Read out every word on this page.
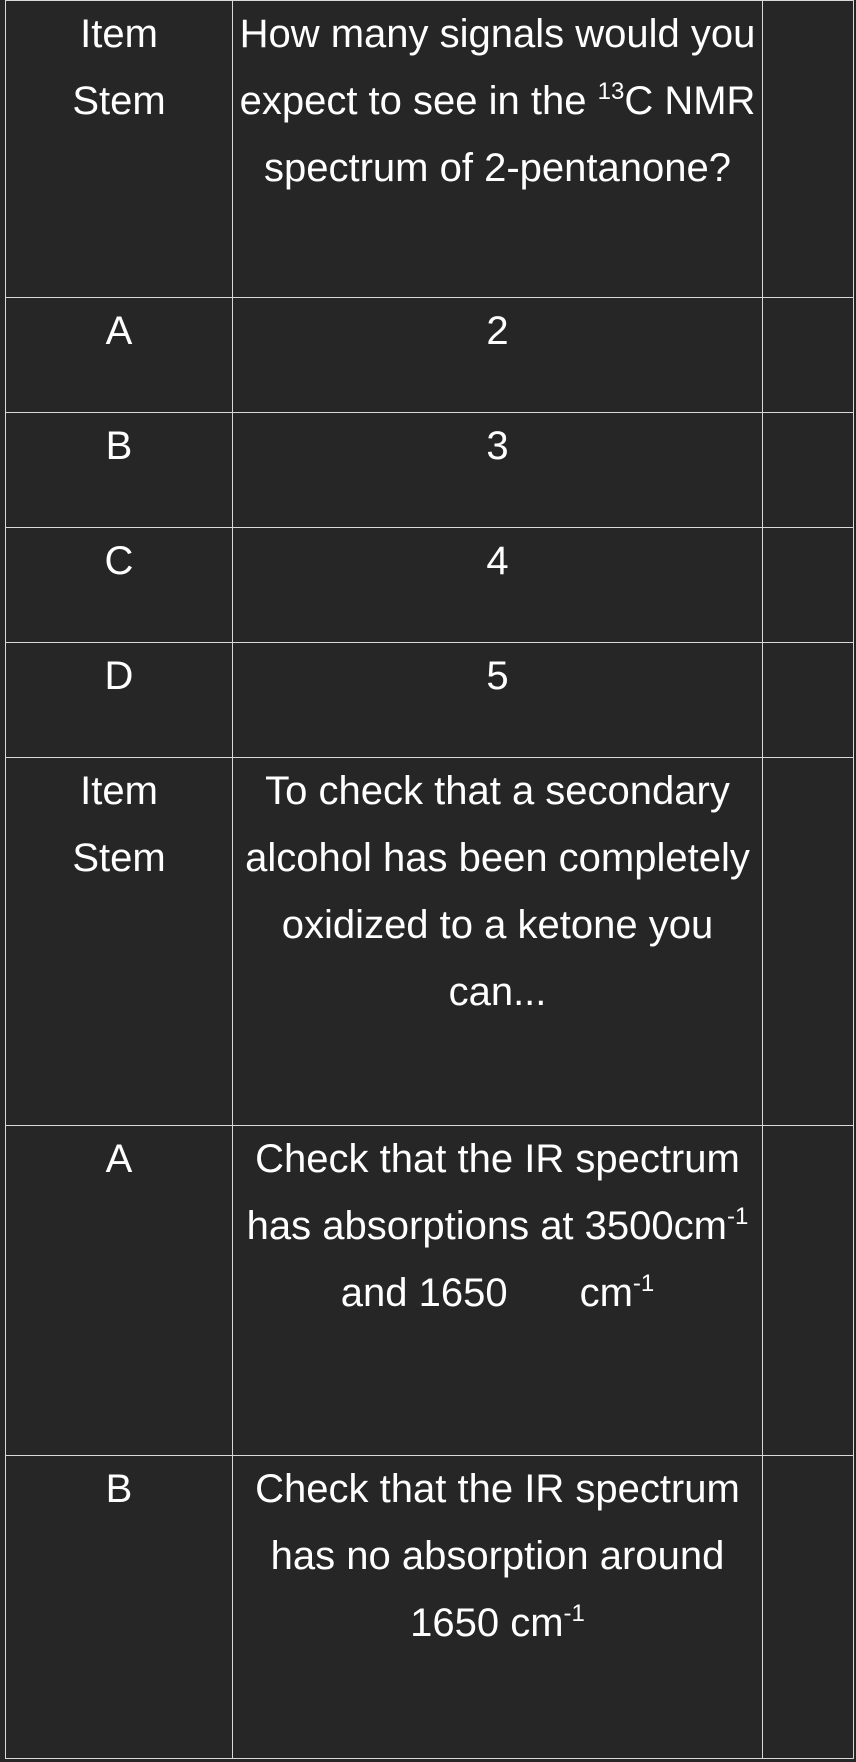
Item Stem	How many signals would you expect to see in the $^{13}$C NMR spectrum of 2-pentanone?	

A	2	

B	3	

C	4	

D	5	

Item Stem	To check that a secondary alcohol has been completely oxidized to a ketone you can...	

A	Check that the IR spectrum has absorptions at $3500cm^{-1}$ and 1650 $cm^{-1}$

B	Check that the IR spectrum has no absorption around 1650 $cm^{-1}$
